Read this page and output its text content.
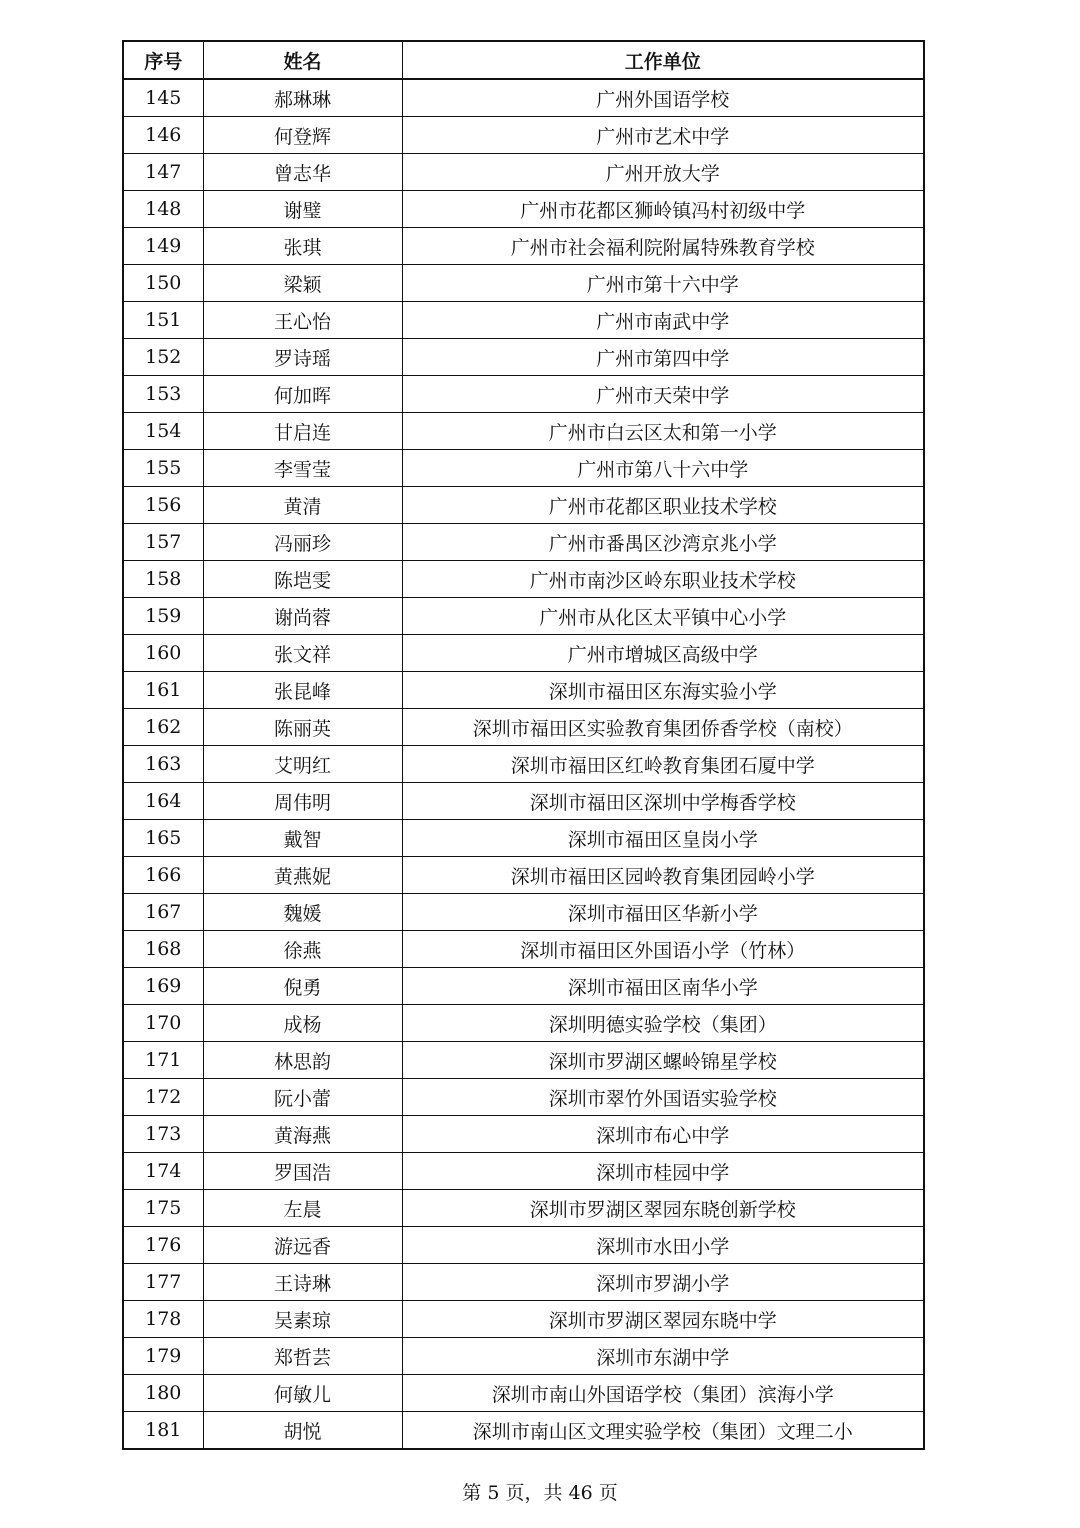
序号	姓名	工作单位
145	郝琳琳	广州外国语学校
146	何登辉	广州市艺术中学
147	曾志华	广州开放大学
148	谢璧	广州市花都区狮岭镇冯村初级中学
149	张琪	广州市社会福利院附属特殊教育学校
150	梁颖	广州市第十六中学
151	王心怡	广州市南武中学
152	罗诗瑶	广州市第四中学
153	何加晖	广州市天荣中学
154	甘启连	广州市白云区太和第一小学
155	李雪莹	广州市第八十六中学
156	黄清	广州市花都区职业技术学校
157	冯丽珍	广州市番禺区沙湾京兆小学
158	陈垲雯	广州市南沙区岭东职业技术学校
159	谢尚蓉	广州市从化区太平镇中心小学
160	张文祥	广州市增城区高级中学
161	张昆峰	深圳市福田区东海实验小学
162	陈丽英	深圳市福田区实验教育集团侨香学校（南校）
163	艾明红	深圳市福田区红岭教育集团石厦中学
164	周伟明	深圳市福田区深圳中学梅香学校
165	戴智	深圳市福田区皇岗小学
166	黄燕妮	深圳市福田区园岭教育集团园岭小学
167	魏媛	深圳市福田区华新小学
168	徐燕	深圳市福田区外国语小学（竹林）
169	倪勇	深圳市福田区南华小学
170	成杨	深圳明德实验学校（集团）
171	林思韵	深圳市罗湖区螺岭锦星学校
172	阮小蕾	深圳市翠竹外国语实验学校
173	黄海燕	深圳市布心中学
174	罗国浩	深圳市桂园中学
175	左晨	深圳市罗湖区翠园东晓创新学校
176	游远香	深圳市水田小学
177	王诗琳	深圳市罗湖小学
178	吴素琼	深圳市罗湖区翠园东晓中学
179	郑哲芸	深圳市东湖中学
180	何敏儿	深圳市南山外国语学校（集团）滨海小学
181	胡悦	深圳市南山区文理实验学校（集团）文理二小
第 5 页，共 46 页
